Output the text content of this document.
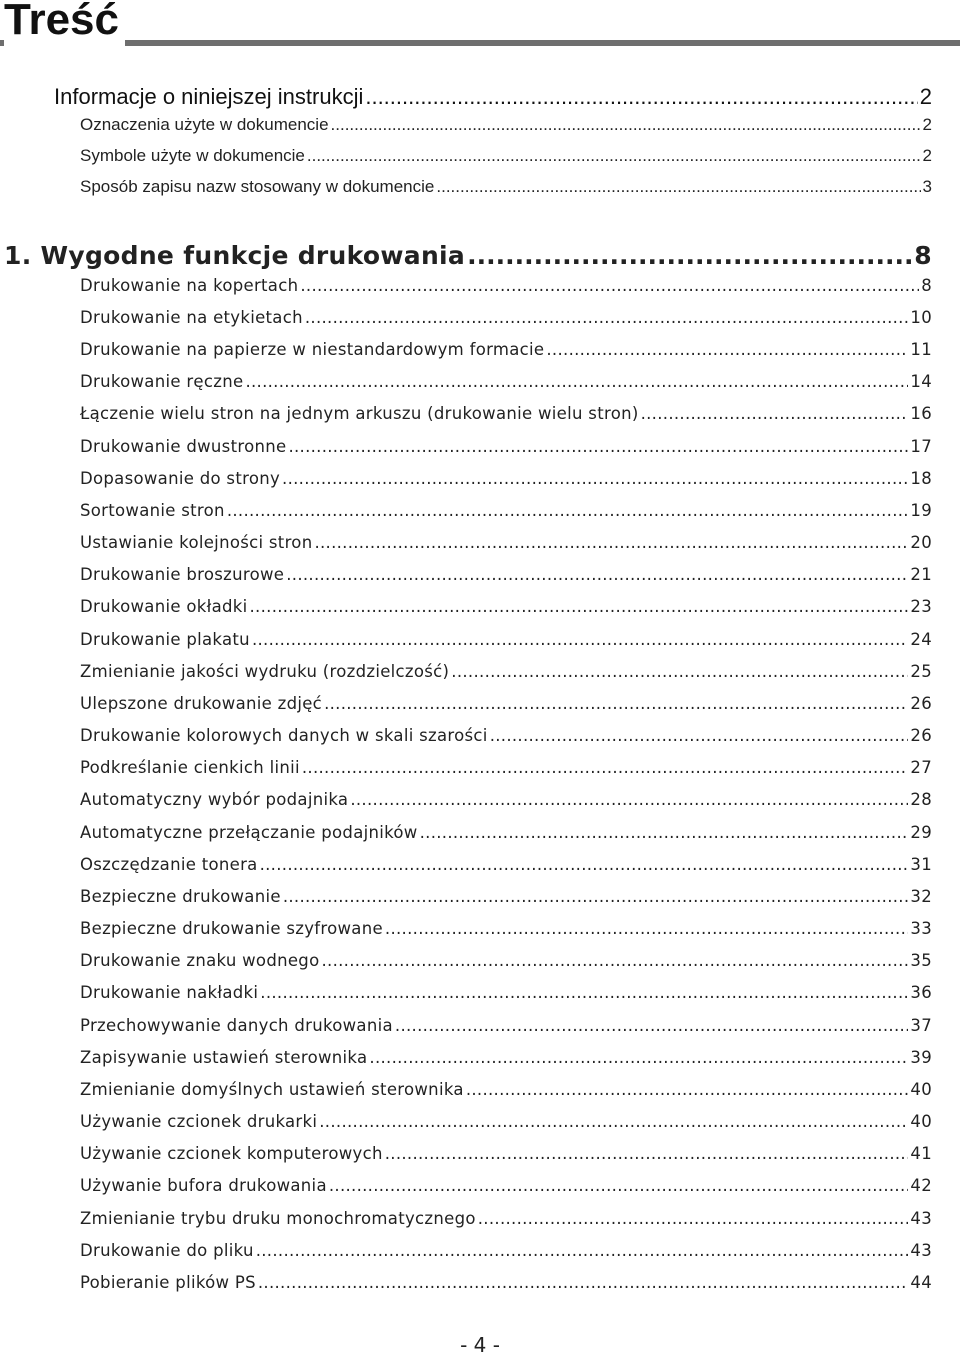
Treść
Informacje o niniejszej instrukcji .....	2
Oznaczenia użyte w dokumencie .....	2
Symbole użyte w dokumencie .....	2
Sposób zapisu nazw stosowany w dokumencie .....	3
1. Wygodne funkcje drukowania .....	8
Drukowanie na kopertach .....	8
Drukowanie na etykietach .....	10
Drukowanie na papierze w niestandardowym formacie .....	11
Drukowanie ręczne .....	14
Łączenie wielu stron na jednym arkuszu (drukowanie wielu stron) .....	16
Drukowanie dwustronne .....	17
Dopasowanie do strony .....	18
Sortowanie stron .....	19
Ustawianie kolejności stron .....	20
Drukowanie broszurowe .....	21
Drukowanie okładki .....	23
Drukowanie plakatu .....	24
Zmienianie jakości wydruku (rozdzielczość) .....	25
Ulepszone drukowanie zdjęć .....	26
Drukowanie kolorowych danych w skali szarości .....	26
Podkreślanie cienkich linii .....	27
Automatyczny wybór podajnika .....	28
Automatyczne przełączanie podajników .....	29
Oszczędzanie tonera .....	31
Bezpieczne drukowanie .....	32
Bezpieczne drukowanie szyfrowane .....	33
Drukowanie znaku wodnego .....	35
Drukowanie nakładki .....	36
Przechowywanie danych drukowania .....	37
Zapisywanie ustawień sterownika .....	39
Zmienianie domyślnych ustawień sterownika .....	40
Używanie czcionek drukarki .....	40
Używanie czcionek komputerowych .....	41
Używanie bufora drukowania .....	42
Zmienianie trybu druku monochromatycznego .....	43
Drukowanie do pliku .....	43
Pobieranie plików PS .....	44
- 4 -
